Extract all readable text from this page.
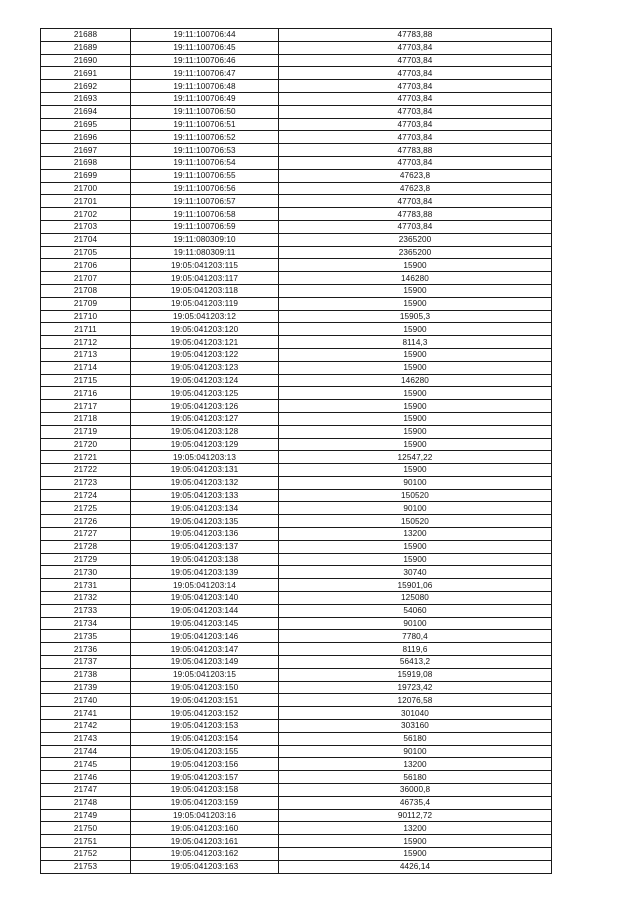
21688	19:11:100706:44	47783,88
21689	19:11:100706:45	47703,84
21690	19:11:100706:46	47703,84
21691	19:11:100706:47	47703,84
21692	19:11:100706:48	47703,84
21693	19:11:100706:49	47703,84
21694	19:11:100706:50	47703,84
21695	19:11:100706:51	47703,84
21696	19:11:100706:52	47703,84
21697	19:11:100706:53	47783,88
21698	19:11:100706:54	47703,84
21699	19:11:100706:55	47623,8
21700	19:11:100706:56	47623,8
21701	19:11:100706:57	47703,84
21702	19:11:100706:58	47783,88
21703	19:11:100706:59	47703,84
21704	19:11:080309:10	2365200
21705	19:11:080309:11	2365200
21706	19:05:041203:115	15900
21707	19:05:041203:117	146280
21708	19:05:041203:118	15900
21709	19:05:041203:119	15900
21710	19:05:041203:12	15905,3
21711	19:05:041203:120	15900
21712	19:05:041203:121	8114,3
21713	19:05:041203:122	15900
21714	19:05:041203:123	15900
21715	19:05:041203:124	146280
21716	19:05:041203:125	15900
21717	19:05:041203:126	15900
21718	19:05:041203:127	15900
21719	19:05:041203:128	15900
21720	19:05:041203:129	15900
21721	19:05:041203:13	12547,22
21722	19:05:041203:131	15900
21723	19:05:041203:132	90100
21724	19:05:041203:133	150520
21725	19:05:041203:134	90100
21726	19:05:041203:135	150520
21727	19:05:041203:136	13200
21728	19:05:041203:137	15900
21729	19:05:041203:138	15900
21730	19:05:041203:139	30740
21731	19:05:041203:14	15901,06
21732	19:05:041203:140	125080
21733	19:05:041203:144	54060
21734	19:05:041203:145	90100
21735	19:05:041203:146	7780,4
21736	19:05:041203:147	8119,6
21737	19:05:041203:149	56413,2
21738	19:05:041203:15	15919,08
21739	19:05:041203:150	19723,42
21740	19:05:041203:151	12076,58
21741	19:05:041203:152	301040
21742	19:05:041203:153	303160
21743	19:05:041203:154	56180
21744	19:05:041203:155	90100
21745	19:05:041203:156	13200
21746	19:05:041203:157	56180
21747	19:05:041203:158	36000,8
21748	19:05:041203:159	46735,4
21749	19:05:041203:16	90112,72
21750	19:05:041203:160	13200
21751	19:05:041203:161	15900
21752	19:05:041203:162	15900
21753	19:05:041203:163	4426,14
